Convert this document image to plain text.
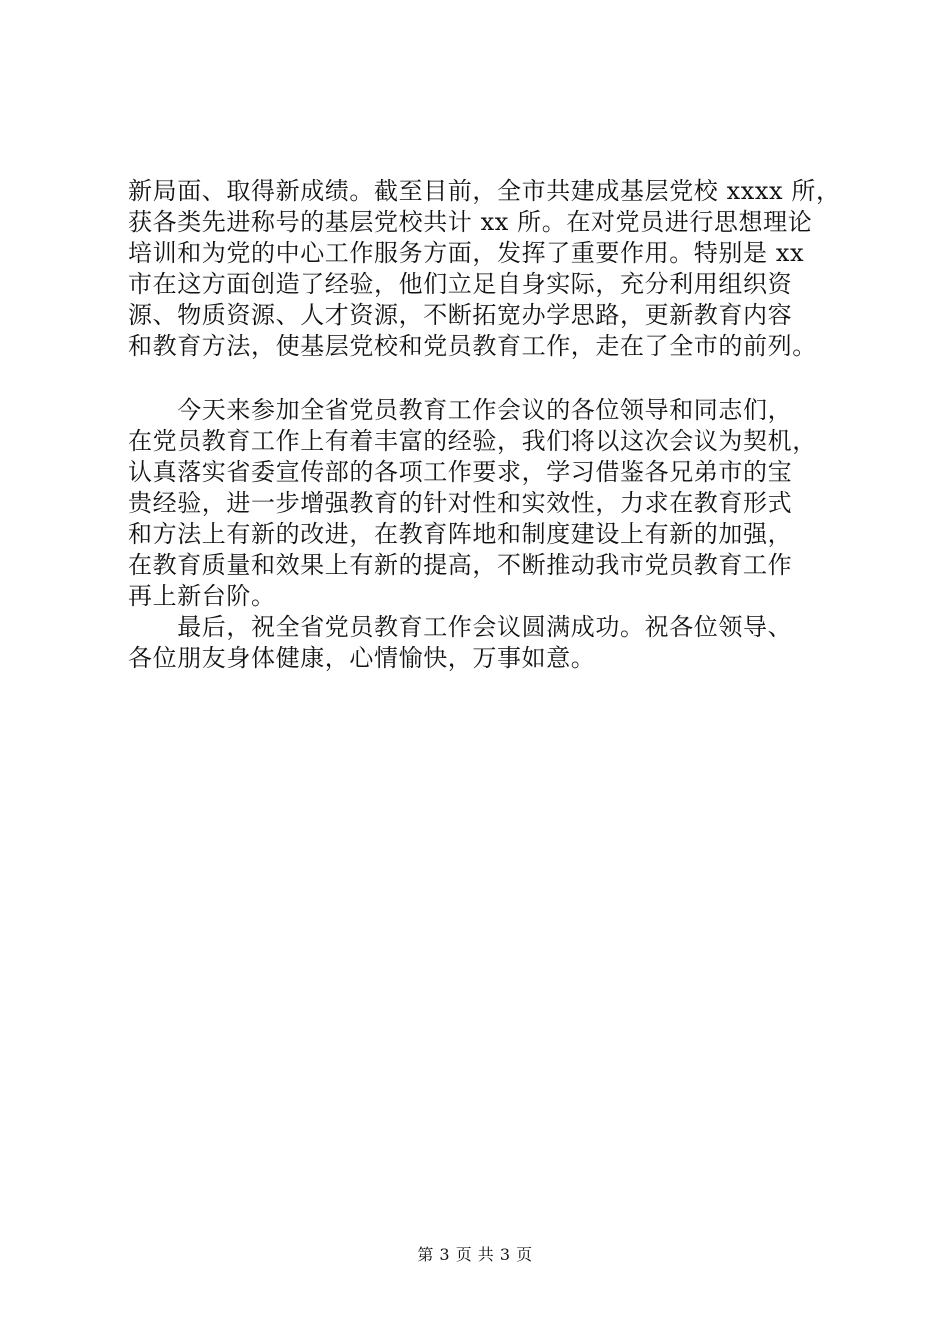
新局面、取得新成绩。截至目前，全市共建成基层党校 xxxx 所，
获各类先进称号的基层党校共计 xx 所。在对党员进行思想理论
培训和为党的中心工作服务方面，发挥了重要作用。特别是 xx
市在这方面创造了经验，他们立足自身实际，充分利用组织资
源、物质资源、人才资源，不断拓宽办学思路，更新教育内容
和教育方法，使基层党校和党员教育工作，走在了全市的前列。
　　今天来参加全省党员教育工作会议的各位领导和同志们，
在党员教育工作上有着丰富的经验，我们将以这次会议为契机，
认真落实省委宣传部的各项工作要求，学习借鉴各兄弟市的宝
贵经验，进一步增强教育的针对性和实效性，力求在教育形式
和方法上有新的改进，在教育阵地和制度建设上有新的加强，
在教育质量和效果上有新的提高，不断推动我市党员教育工作
再上新台阶。
　　最后，祝全省党员教育工作会议圆满成功。祝各位领导、
各位朋友身体健康，心情愉快，万事如意。
第 3 页 共 3 页
